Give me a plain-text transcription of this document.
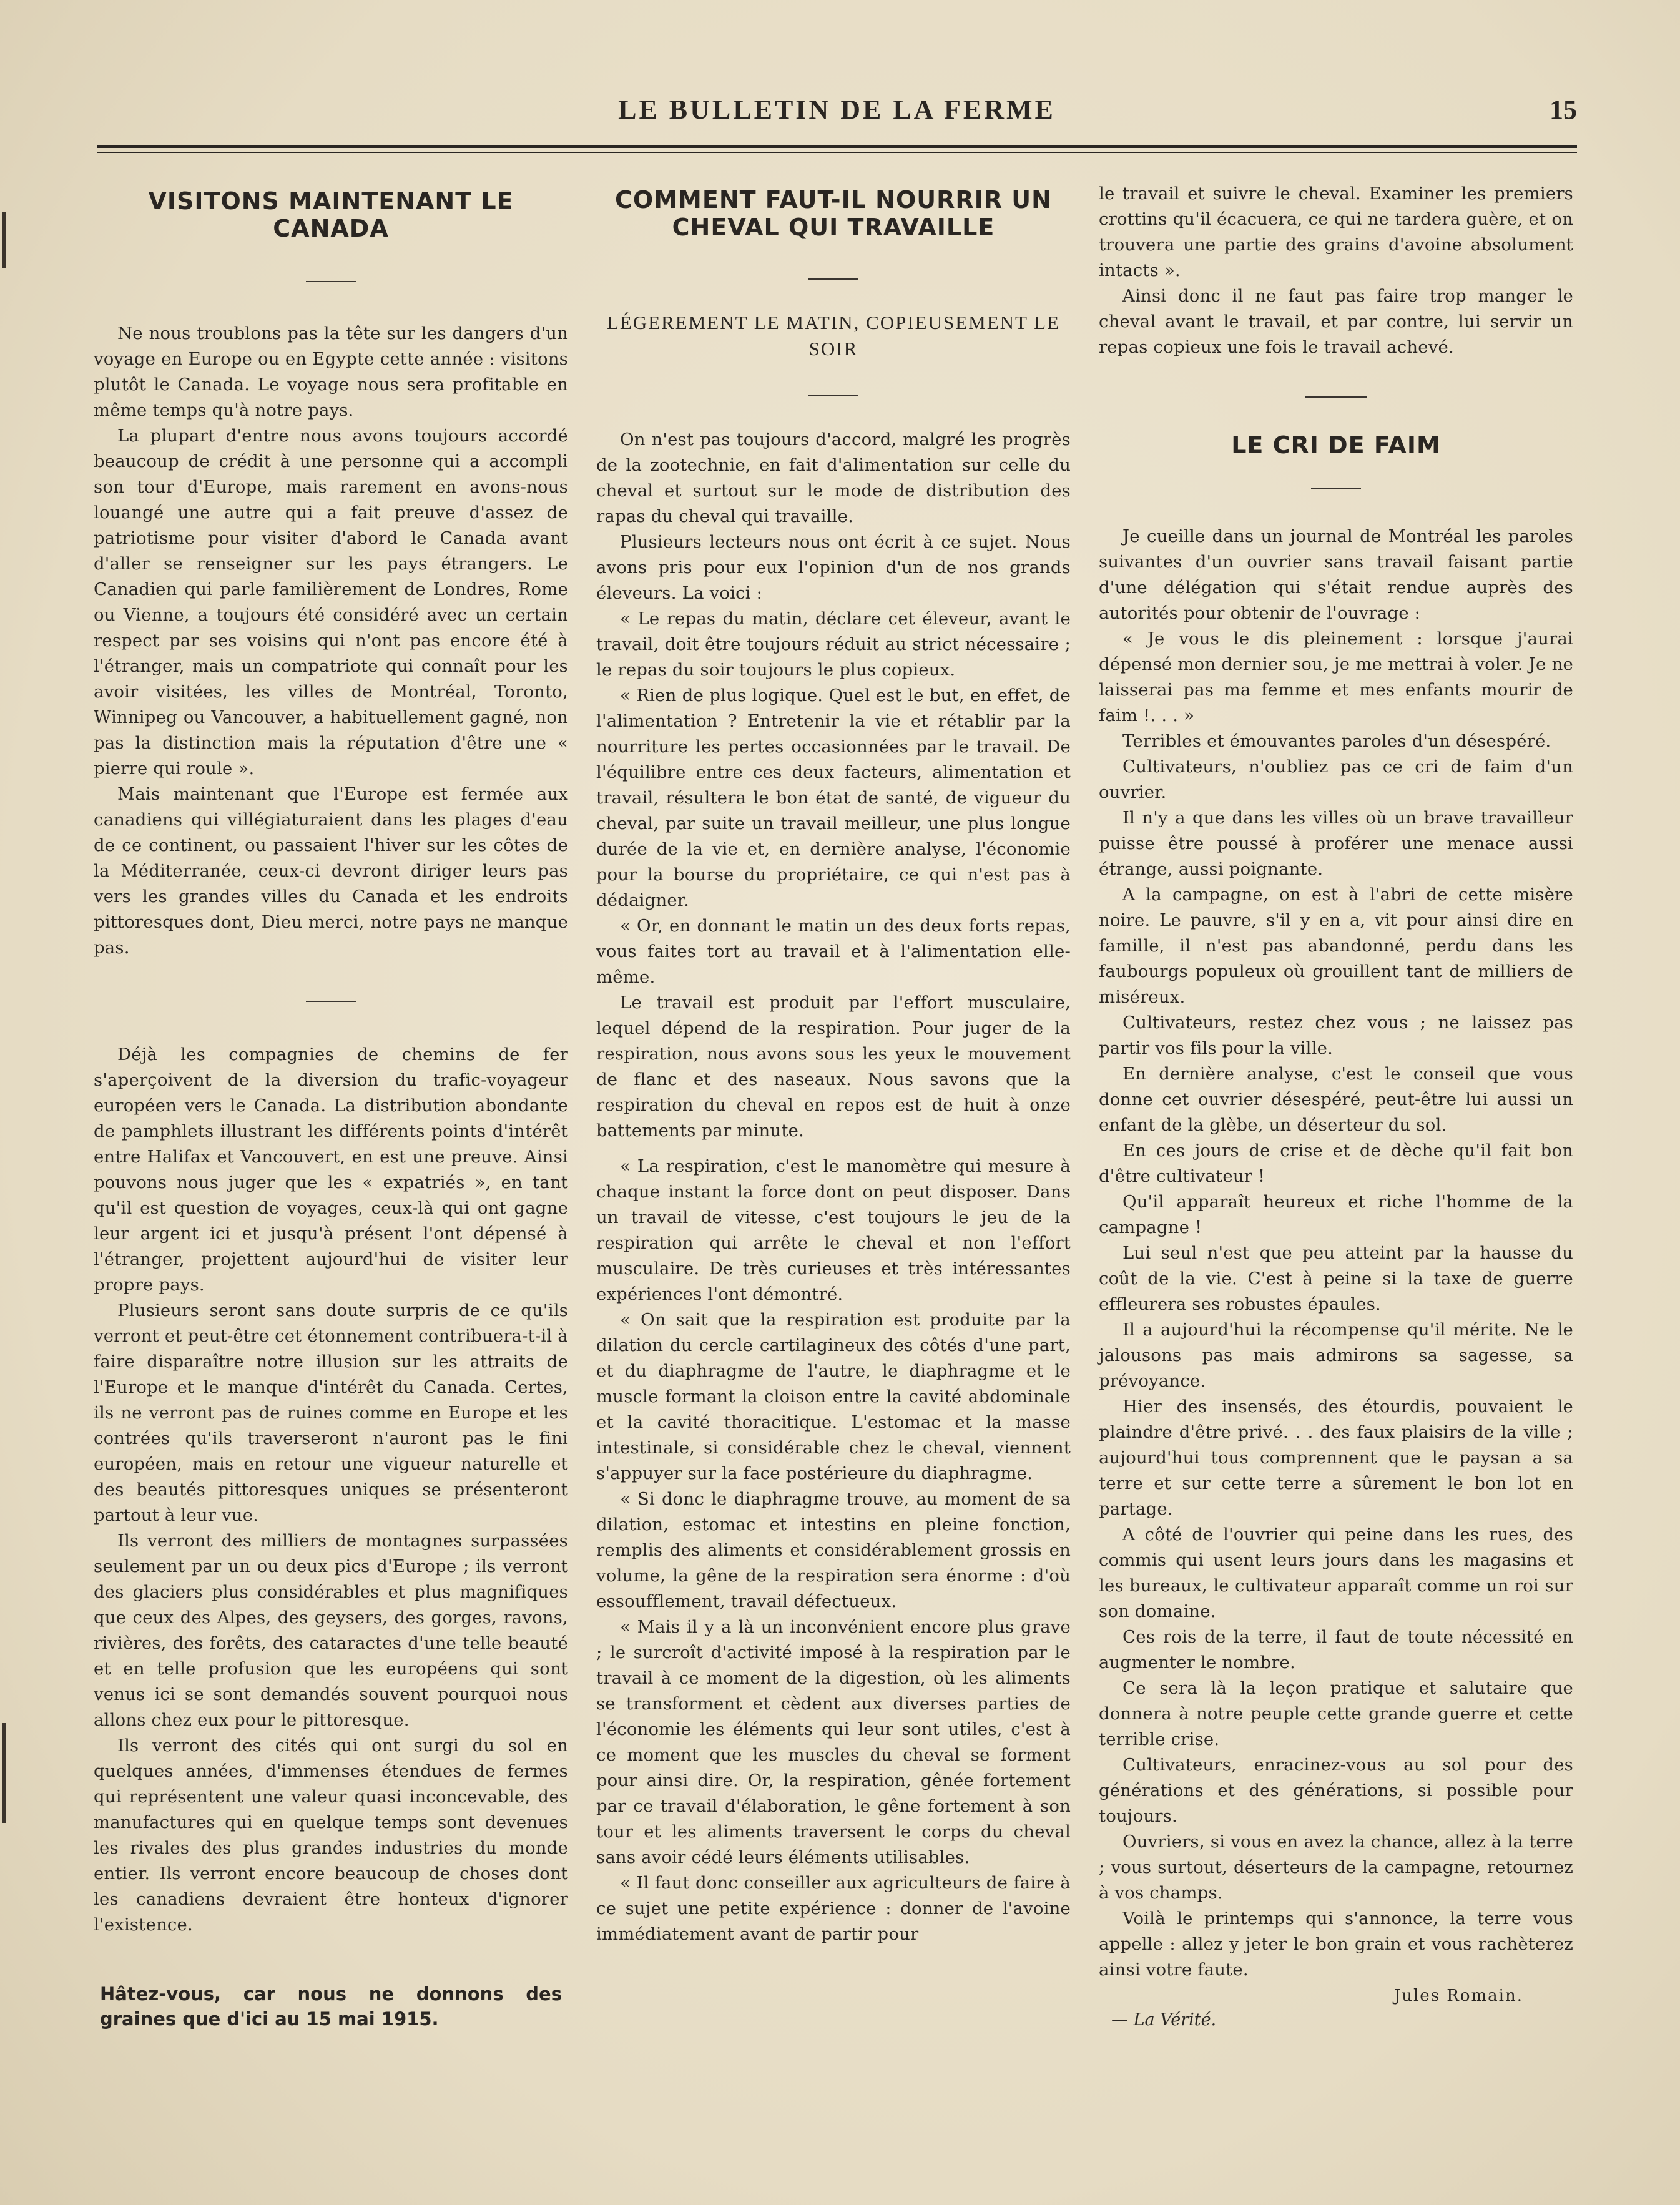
LE BULLETIN DE LA FERME	15
VISITONS MAINTENANT LE CANADA

Ne nous troublons pas la tête sur les dangers d'un voyage en Europe ou en Egypte cette année : visitons plutôt le Canada. Le voyage nous sera profitable en même temps qu'à notre pays.

La plupart d'entre nous avons toujours accordé beaucoup de crédit à une personne qui a accompli son tour d'Europe, mais rarement en avons-nous louangé une autre qui a fait preuve d'assez de patriotisme pour visiter d'abord le Canada avant d'aller se renseigner sur les pays étrangers. Le Canadien qui parle familièrement de Londres, Rome ou Vienne, a toujours été considéré avec un certain respect par ses voisins qui n'ont pas encore été à l'étranger, mais un compatriote qui connaît pour les avoir visitées, les villes de Montréal, Toronto, Winnipeg ou Vancouver, a habituellement gagné, non pas la distinction mais la réputation d'être une « pierre qui roule ».

Mais maintenant que l'Europe est fermée aux canadiens qui villégiaturaient dans les plages d'eau de ce continent, ou passaient l'hiver sur les côtes de la Méditerranée, ceux-ci devront diriger leurs pas vers les grandes villes du Canada et les endroits pittoresques dont, Dieu merci, notre pays ne manque pas.

Déjà les compagnies de chemins de fer s'aperçoivent de la diversion du trafic-voyageur européen vers le Canada. La distribution abondante de pamphlets illustrant les différents points d'intérêt entre Halifax et Vancouvert, en est une preuve. Ainsi pouvons nous juger que les « expatriés », en tant qu'il est question de voyages, ceux-là qui ont gagne leur argent ici et jusqu'à présent l'ont dépensé à l'étranger, projettent aujourd'hui de visiter leur propre pays.

Plusieurs seront sans doute surpris de ce qu'ils verront et peut-être cet étonnement contribuera-t-il à faire disparaître notre illusion sur les attraits de l'Europe et le manque d'intérêt du Canada. Certes, ils ne verront pas de ruines comme en Europe et les contrées qu'ils traverseront n'auront pas le fini européen, mais en retour une vigueur naturelle et des beautés pittoresques uniques se présenteront partout à leur vue.

Ils verront des milliers de montagnes surpassées seulement par un ou deux pics d'Europe ; ils verront des glaciers plus considérables et plus magnifiques que ceux des Alpes, des geysers, des gorges, ravons, rivières, des forêts, des cataractes d'une telle beauté et en telle profusion que les européens qui sont venus ici se sont demandés souvent pourquoi nous allons chez eux pour le pittoresque.

Ils verront des cités qui ont surgi du sol en quelques années, d'immenses étendues de fermes qui représentent une valeur quasi inconcevable, des manufactures qui en quelque temps sont devenues les rivales des plus grandes industries du monde entier. Ils verront encore beaucoup de choses dont les canadiens devraient être honteux d'ignorer l'existence.

Hâtez-vous, car nous ne donnons des graines que d'ici au 15 mai 1915.
COMMENT FAUT-IL NOURRIR UN CHEVAL QUI TRAVAILLE
LÉGEREMENT LE MATIN, COPIEUSEMENT LE SOIR

On n'est pas toujours d'accord, malgré les progrès de la zootechnie, en fait d'alimentation sur celle du cheval et surtout sur le mode de distribution des rapas du cheval qui travaille.

Plusieurs lecteurs nous ont écrit à ce sujet. Nous avons pris pour eux l'opinion d'un de nos grands éleveurs. La voici :

« Le repas du matin, déclare cet éleveur, avant le travail, doit être toujours réduit au strict nécessaire ; le repas du soir toujours le plus copieux.

« Rien de plus logique. Quel est le but, en effet, de l'alimentation ? Entretenir la vie et rétablir par la nourriture les pertes occasionnées par le travail. De l'équilibre entre ces deux facteurs, alimentation et travail, résultera le bon état de santé, de vigueur du cheval, par suite un travail meilleur, une plus longue durée de la vie et, en dernière analyse, l'économie pour la bourse du propriétaire, ce qui n'est pas à dédaigner.

« Or, en donnant le matin un des deux forts repas, vous faites tort au travail et à l'alimentation elle-même.

Le travail est produit par l'effort musculaire, lequel dépend de la respiration. Pour juger de la respiration, nous avons sous les yeux le mouvement de flanc et des naseaux. Nous savons que la respiration du cheval en repos est de huit à onze battements par minute.

« La respiration, c'est le manomètre qui mesure à chaque instant la force dont on peut disposer. Dans un travail de vitesse, c'est toujours le jeu de la respiration qui arrête le cheval et non l'effort musculaire. De très curieuses et très intéressantes expériences l'ont démontré.

« On sait que la respiration est produite par la dilation du cercle cartilagineux des côtés d'une part, et du diaphragme de l'autre, le diaphragme et le muscle formant la cloison entre la cavité abdominale et la cavité thoracitique. L'estomac et la masse intestinale, si considérable chez le cheval, viennent s'appuyer sur la face postérieure du diaphragme.

« Si donc le diaphragme trouve, au moment de sa dilation, estomac et intestins en pleine fonction, remplis des aliments et considérablement grossis en volume, la gêne de la respiration sera énorme : d'où essoufflement, travail défectueux.

« Mais il y a là un inconvénient encore plus grave ; le surcroît d'activité imposé à la respiration par le travail à ce moment de la digestion, où les aliments se transforment et cèdent aux diverses parties de l'économie les éléments qui leur sont utiles, c'est à ce moment que les muscles du cheval se forment pour ainsi dire. Or, la respiration, gênée fortement par ce travail d'élaboration, le gêne fortement à son tour et les aliments traversent le corps du cheval sans avoir cédé leurs éléments utilisables.

« Il faut donc conseiller aux agriculteurs de faire à ce sujet une petite expérience : donner de l'avoine immédiatement avant de partir pour

le travail et suivre le cheval. Examiner les premiers crottins qu'il écacuera, ce qui ne tardera guère, et on trouvera une partie des grains d'avoine absolument intacts ».

Ainsi donc il ne faut pas faire trop manger le cheval avant le travail, et par contre, lui servir un repas copieux une fois le travail achevé.

LE CRI DE FAIM

Je cueille dans un journal de Montréal les paroles suivantes d'un ouvrier sans travail faisant partie d'une délégation qui s'était rendue auprès des autorités pour obtenir de l'ouvrage :

« Je vous le dis pleinement : lorsque j'aurai dépensé mon dernier sou, je me mettrai à voler. Je ne laisserai pas ma femme et mes enfants mourir de faim !. . . »

Terribles et émouvantes paroles d'un désespéré.

Cultivateurs, n'oubliez pas ce cri de faim d'un ouvrier.

Il n'y a que dans les villes où un brave travailleur puisse être poussé à proférer une menace aussi étrange, aussi poignante.

A la campagne, on est à l'abri de cette misère noire. Le pauvre, s'il y en a, vit pour ainsi dire en famille, il n'est pas abandonné, perdu dans les faubourgs populeux où grouillent tant de milliers de miséreux.

Cultivateurs, restez chez vous ; ne laissez pas partir vos fils pour la ville.

En dernière analyse, c'est le conseil que vous donne cet ouvrier désespéré, peut-être lui aussi un enfant de la glèbe, un déserteur du sol.

En ces jours de crise et de dèche qu'il fait bon d'être cultivateur !

Qu'il apparaît heureux et riche l'homme de la campagne !

Lui seul n'est que peu atteint par la hausse du coût de la vie. C'est à peine si la taxe de guerre effleurera ses robustes épaules.

Il a aujourd'hui la récompense qu'il mérite. Ne le jalousons pas mais admirons sa sagesse, sa prévoyance.

Hier des insensés, des étourdis, pouvaient le plaindre d'être privé. . . des faux plaisirs de la ville ; aujourd'hui tous comprennent que le paysan a sa terre et sur cette terre a sûrement le bon lot en partage.

A côté de l'ouvrier qui peine dans les rues, des commis qui usent leurs jours dans les magasins et les bureaux, le cultivateur apparaît comme un roi sur son domaine.

Ces rois de la terre, il faut de toute nécessité en augmenter le nombre.

Ce sera là la leçon pratique et salutaire que donnera à notre peuple cette grande guerre et cette terrible crise.

Cultivateurs, enracinez-vous au sol pour des générations et des générations, si possible pour toujours.

Ouvriers, si vous en avez la chance, allez à la terre ; vous surtout, déserteurs de la campagne, retournez à vos champs.

Voilà le printemps qui s'annonce, la terre vous appelle : allez y jeter le bon grain et vous rachèterez ainsi votre faute.

Jules Romain.
— La Vérité.
